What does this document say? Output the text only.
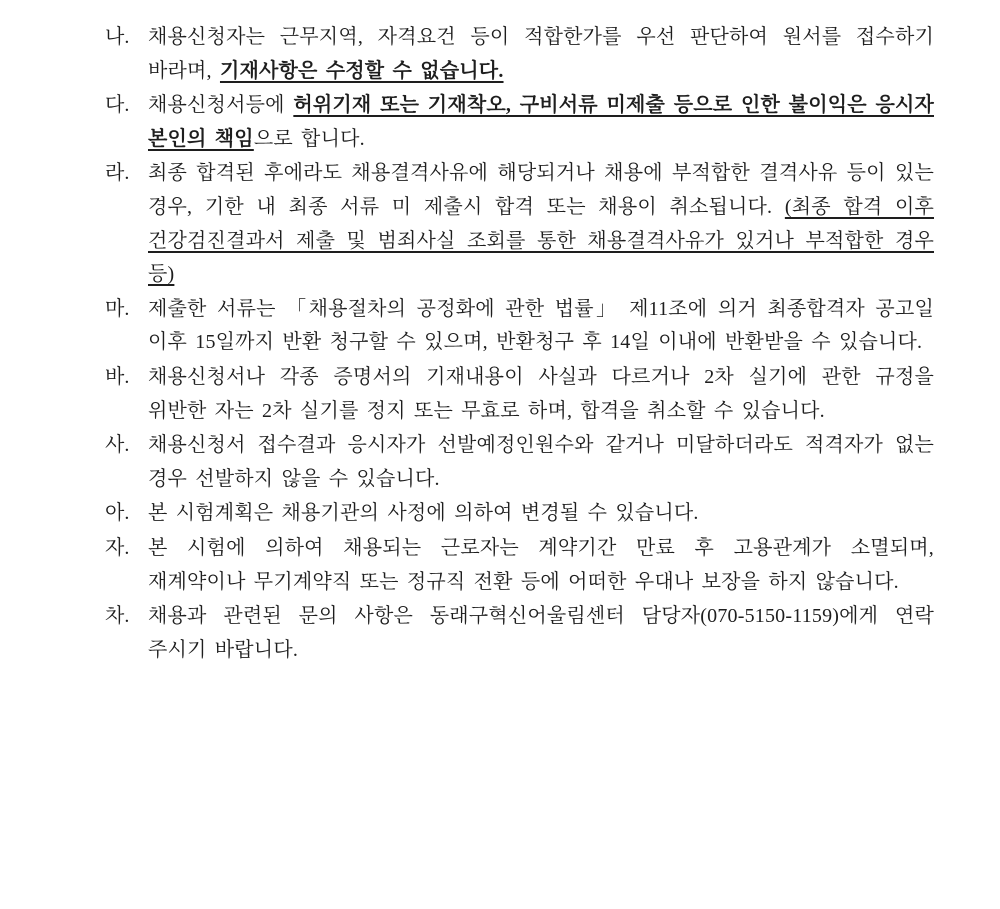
나. 채용신청자는 근무지역, 자격요건 등이 적합한가를 우선 판단하여 원서를 접수하기 바라며, 기재사항은 수정할 수 없습니다.
다. 채용신청서등에 허위기재 또는 기재착오, 구비서류 미제출 등으로 인한 불이익은 응시자 본인의 책임으로 합니다.
라. 최종 합격된 후에라도 채용결격사유에 해당되거나 채용에 부적합한 결격사유 등이 있는 경우, 기한 내 최종 서류 미 제출시 합격 또는 채용이 취소됩니다. (최종 합격 이후 건강검진결과서 제출 및 범죄사실 조회를 통한 채용결격사유가 있거나 부적합한 경우 등)
마. 제출한 서류는 「채용절차의 공정화에 관한 법률」 제11조에 의거 최종합격자 공고일 이후 15일까지 반환 청구할 수 있으며, 반환청구 후 14일 이내에 반환받을 수 있습니다.
바. 채용신청서나 각종 증명서의 기재내용이 사실과 다르거나 2차 실기에 관한 규정을 위반한 자는 2차 실기를 정지 또는 무효로 하며, 합격을 취소할 수 있습니다.
사. 채용신청서 접수결과 응시자가 선발예정인원수와 같거나 미달하더라도 적격자가 없는 경우 선발하지 않을 수 있습니다.
아. 본 시험계획은 채용기관의 사정에 의하여 변경될 수 있습니다.
자. 본 시험에 의하여 채용되는 근로자는 계약기간 만료 후 고용관계가 소멸되며, 재계약이나 무기계약직 또는 정규직 전환 등에 어떠한 우대나 보장을 하지 않습니다.
차. 채용과 관련된 문의 사항은 동래구혁신어울림센터 담당자(070-5150-1159)에게 연락 주시기 바랍니다.
